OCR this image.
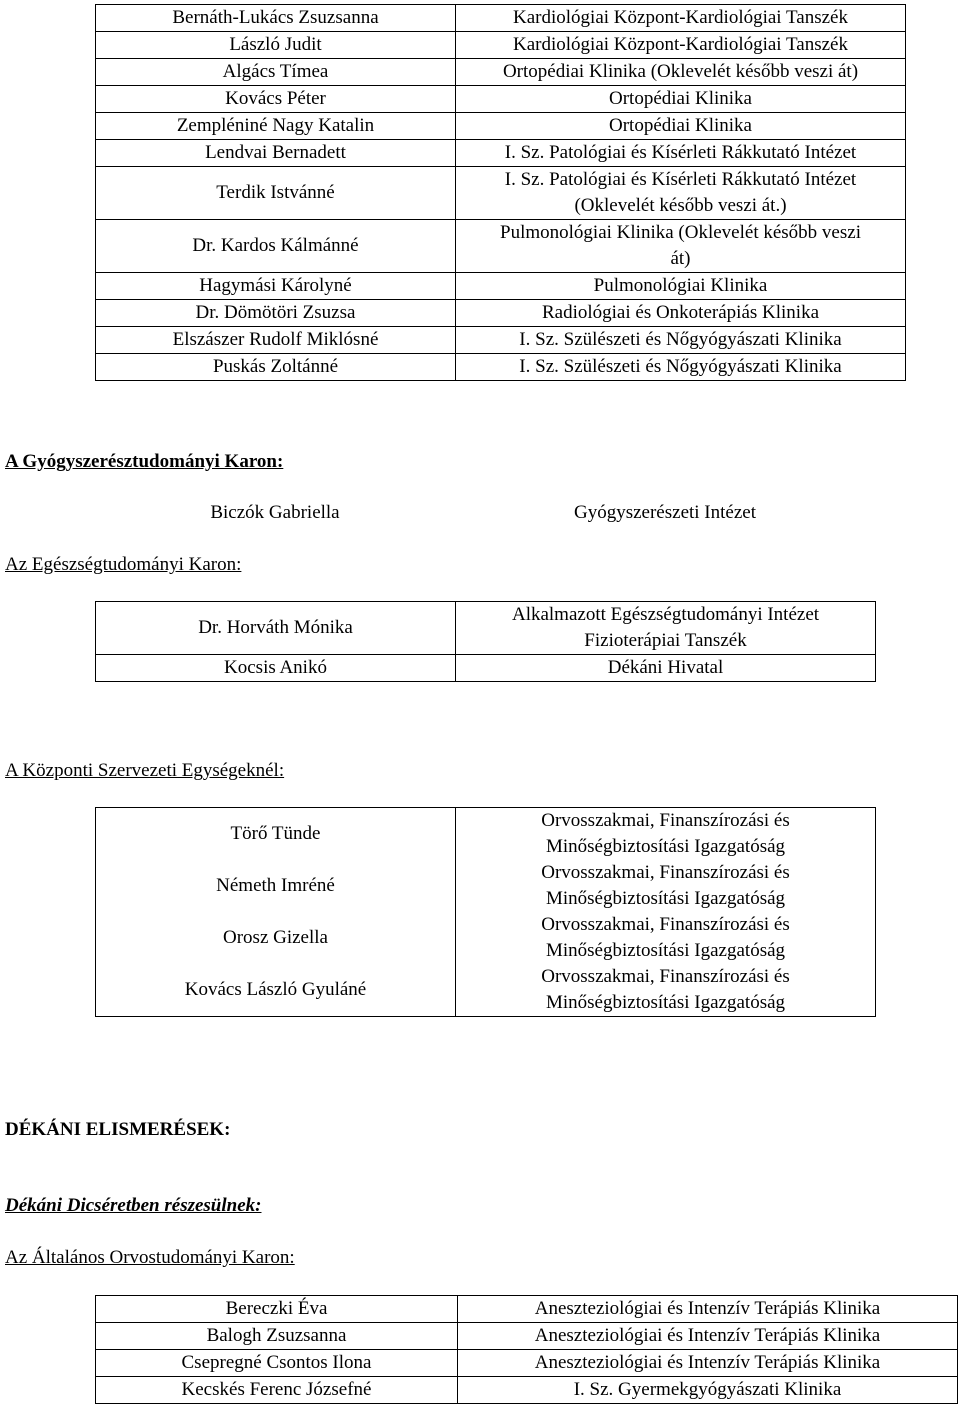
Bernáth-Lukács Zsuzsanna	Kardiológiai Központ-Kardiológiai Tanszék
László Judit	Kardiológiai Központ-Kardiológiai Tanszék
Algács Tímea	Ortopédiai Klinika (Oklevelét később veszi át)
Kovács Péter	Ortopédiai Klinika
Zempléniné Nagy Katalin	Ortopédiai Klinika
Lendvai Bernadett	I. Sz. Patológiai és Kísérleti Rákkutató Intézet
Terdik Istvánné	I. Sz. Patológiai és Kísérleti Rákkutató Intézet
(Oklevelét később veszi át.)

Dr. Kardos Kálmánné	Pulmonológiai Klinika (Oklevelét később veszi
át)

Hagymási Károlyné	Pulmonológiai Klinika
Dr. Dömötöri Zsuzsa	Radiológiai és Onkoterápiás Klinika
Elszászer Rudolf Miklósné	I. Sz. Szülészeti és Nőgyógyászati Klinika
Puskás Zoltánné	I. Sz. Szülészeti és Nőgyógyászati Klinika
A Gyógyszerésztudományi Karon:
Biczók Gabriella	Gyógyszerészeti Intézet
Az Egészségtudományi Karon:
Dr. Horváth Mónika	Alkalmazott Egészségtudományi Intézet
Fizioterápiai Tanszék

Kocsis Anikó	Dékáni Hivatal
A Központi Szervezeti Egységeknél:
Törő Tünde	Orvosszakmai, Finanszírozási és
Minőségbiztosítási Igazgatóság

Németh Imréné	Orvosszakmai, Finanszírozási és
Minőségbiztosítási Igazgatóság

Orosz Gizella	Orvosszakmai, Finanszírozási és
Minőségbiztosítási Igazgatóság

Kovács László Gyuláné	Orvosszakmai, Finanszírozási és
Minőségbiztosítási Igazgatóság
DÉKÁNI ELISMERÉSEK:
Dékáni Dicséretben részesülnek:
Az Általános Orvostudományi Karon:
Bereczki Éva	Aneszteziológiai és Intenzív Terápiás Klinika
Balogh Zsuzsanna	Aneszteziológiai és Intenzív Terápiás Klinika
Csepregné Csontos Ilona	Aneszteziológiai és Intenzív Terápiás Klinika
Kecskés Ferenc Józsefné	I. Sz. Gyermekgyógyászati Klinika
